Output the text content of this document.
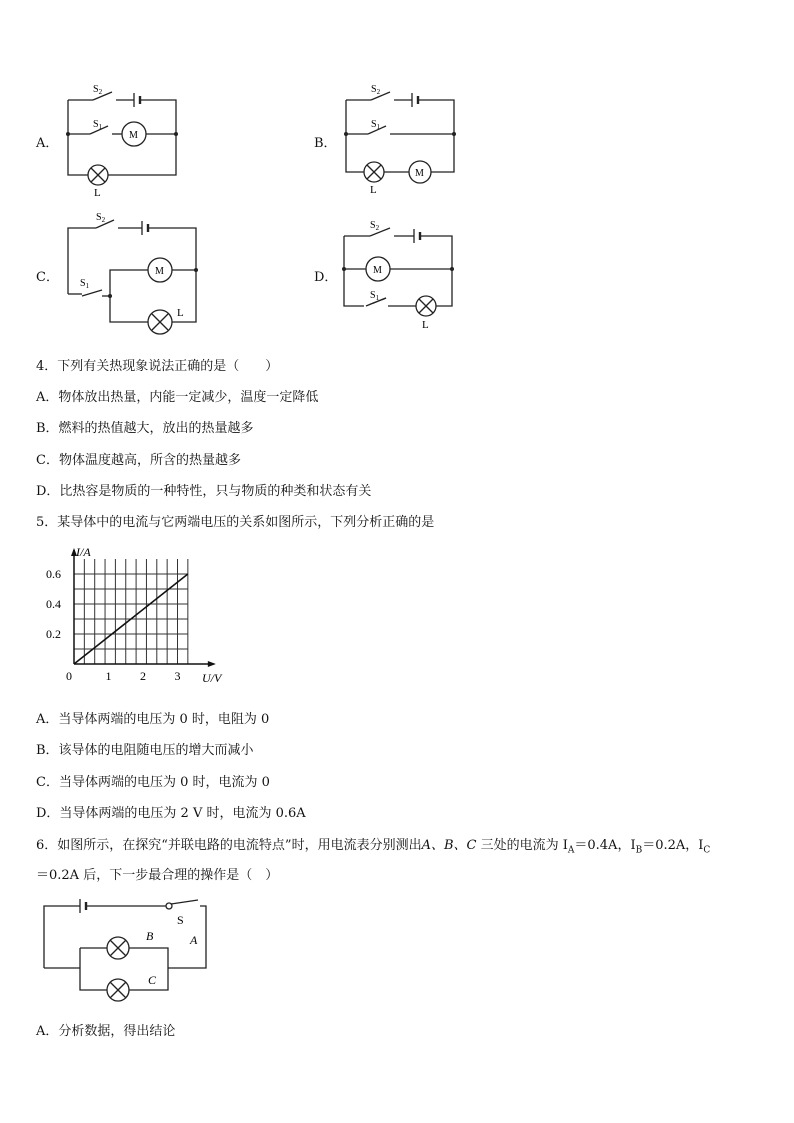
A．
$S_2$
$S_1$
M
L
B．
$S_2$
$S_1$
M
L
C．
$S_2$
$S_1$
M
L
D．
$S_2$
$S_1$
M
L
4．下列有关热现象说法正确的是（　　）
A．物体放出热量，内能一定减少，温度一定降低
B．燃料的热值越大，放出的热量越多
C．物体温度越高，所含的热量越多
D．比热容是物质的一种特性，只与物质的种类和状态有关
5．某导体中的电流与它两端电压的关系如图所示，下列分析正确的是
I/A
U/V
0	1 2 3
0.2
0.4
0.6
A．当导体两端的电压为 0 时，电阻为 0
B．该导体的电阻随电压的增大而减小
C．当导体两端的电压为 0 时，电流为 0
D．当导体两端的电压为 2 V 时，电流为 0.6A
6．如图所示，在探究“并联电路的电流特点”时，用电流表分别测出A、B、C 三处的电流为 $I_A=0.4A$，$I_B=0.2A$，$I_C$
＝0.2A 后，下一步最合理的操作是（　）
S
B	A
C
A．分析数据，得出结论
